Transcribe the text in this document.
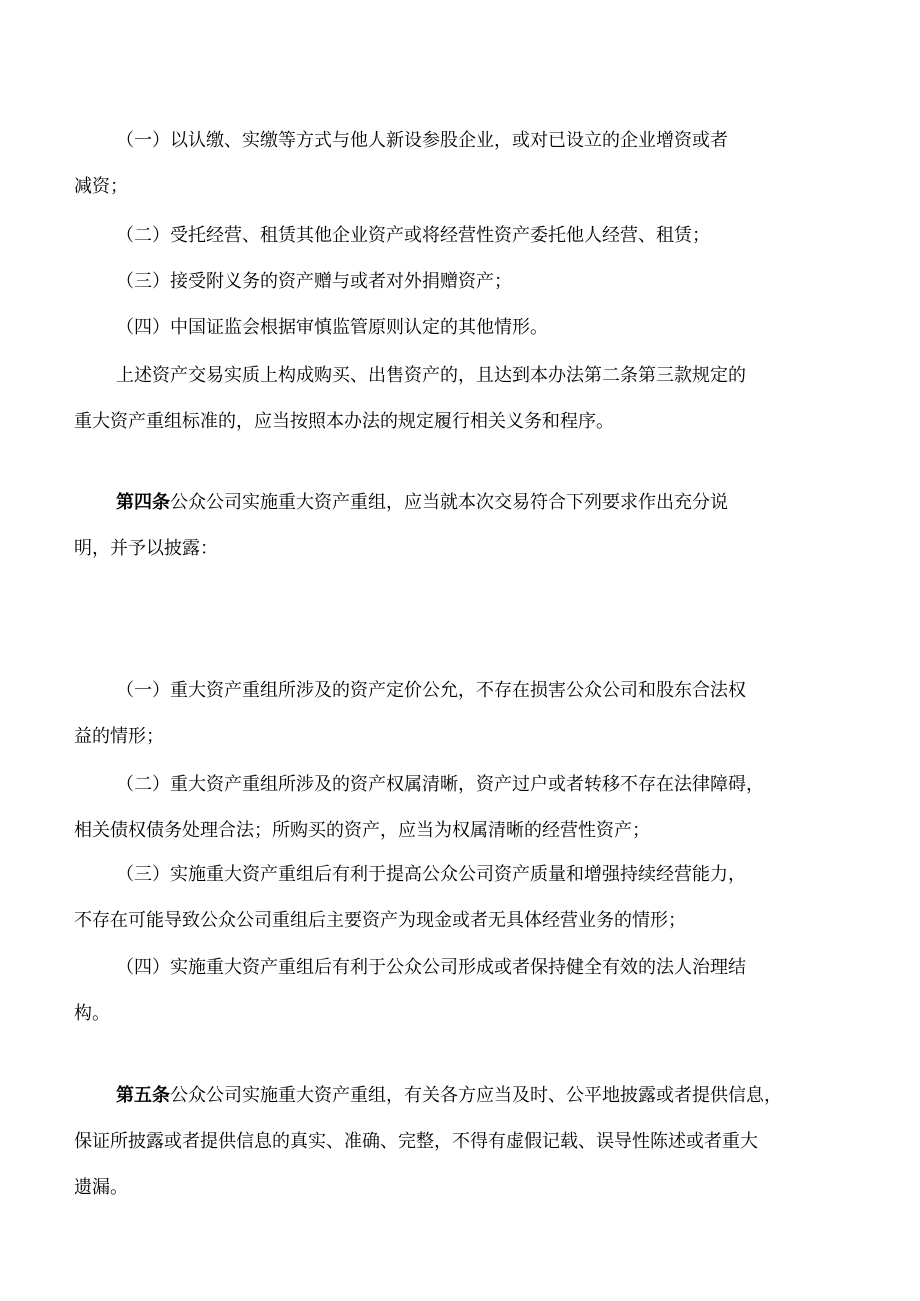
（一）以认缴、实缴等方式与他人新设参股企业，或对已设立的企业增资或者
减资；
（二）受托经营、租赁其他企业资产或将经营性资产委托他人经营、租赁；
（三）接受附义务的资产赠与或者对外捐赠资产；
（四）中国证监会根据审慎监管原则认定的其他情形。
上述资产交易实质上构成购买、出售资产的，且达到本办法第二条第三款规定的
重大资产重组标准的，应当按照本办法的规定履行相关义务和程序。
第四条公众公司实施重大资产重组，应当就本次交易符合下列要求作出充分说
明，并予以披露：
（一）重大资产重组所涉及的资产定价公允，不存在损害公众公司和股东合法权
益的情形；
（二）重大资产重组所涉及的资产权属清晰，资产过户或者转移不存在法律障碍，
相关债权债务处理合法；所购买的资产，应当为权属清晰的经营性资产；
（三）实施重大资产重组后有利于提高公众公司资产质量和增强持续经营能力，
不存在可能导致公众公司重组后主要资产为现金或者无具体经营业务的情形；
（四）实施重大资产重组后有利于公众公司形成或者保持健全有效的法人治理结
构。
第五条公众公司实施重大资产重组，有关各方应当及时、公平地披露或者提供信息，
保证所披露或者提供信息的真实、准确、完整，不得有虚假记载、误导性陈述或者重大
遗漏。
